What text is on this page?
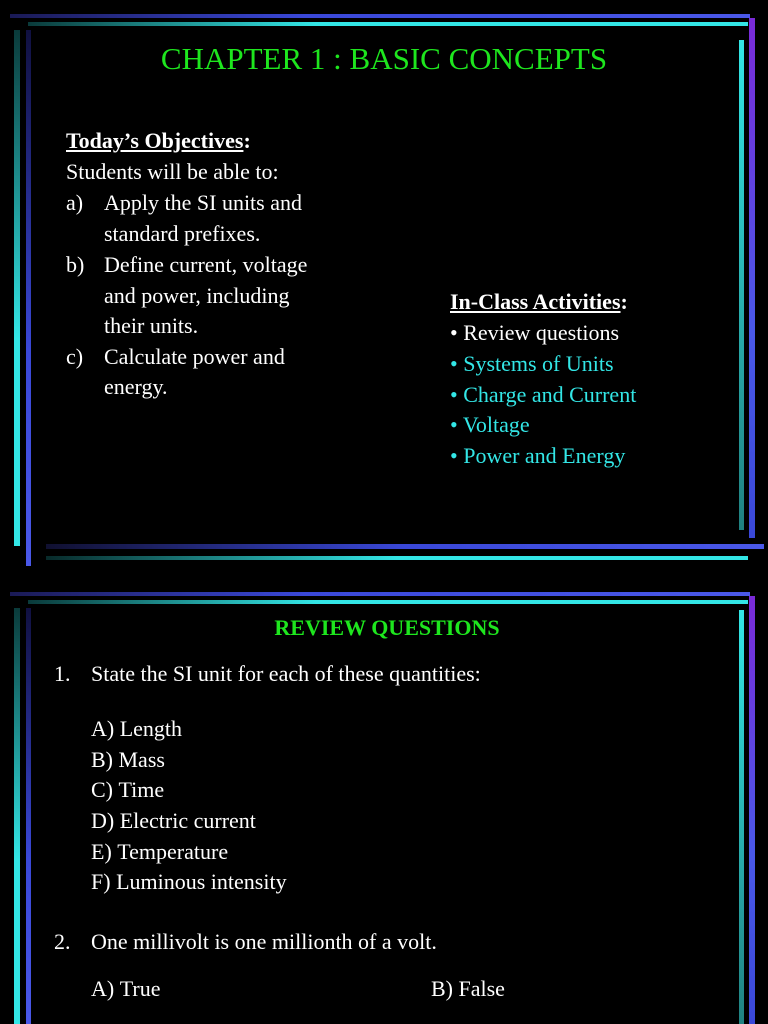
CHAPTER 1 : BASIC CONCEPTS
Today’s Objectives:
Students will be able to:
a) Apply the SI units and
standard prefixes.
b) Define current, voltage
and power, including
their units.
c) Calculate power and
energy.
In-Class Activities:
• Review questions
• Systems of Units
• Charge and Current
• Voltage
• Power and Energy
REVIEW QUESTIONS
1. State the SI unit for each of these quantities:
A) Length
B) Mass
C) Time
D) Electric current
E) Temperature
F) Luminous intensity
2. One millivolt is one millionth of a volt.
A) True	B) False
